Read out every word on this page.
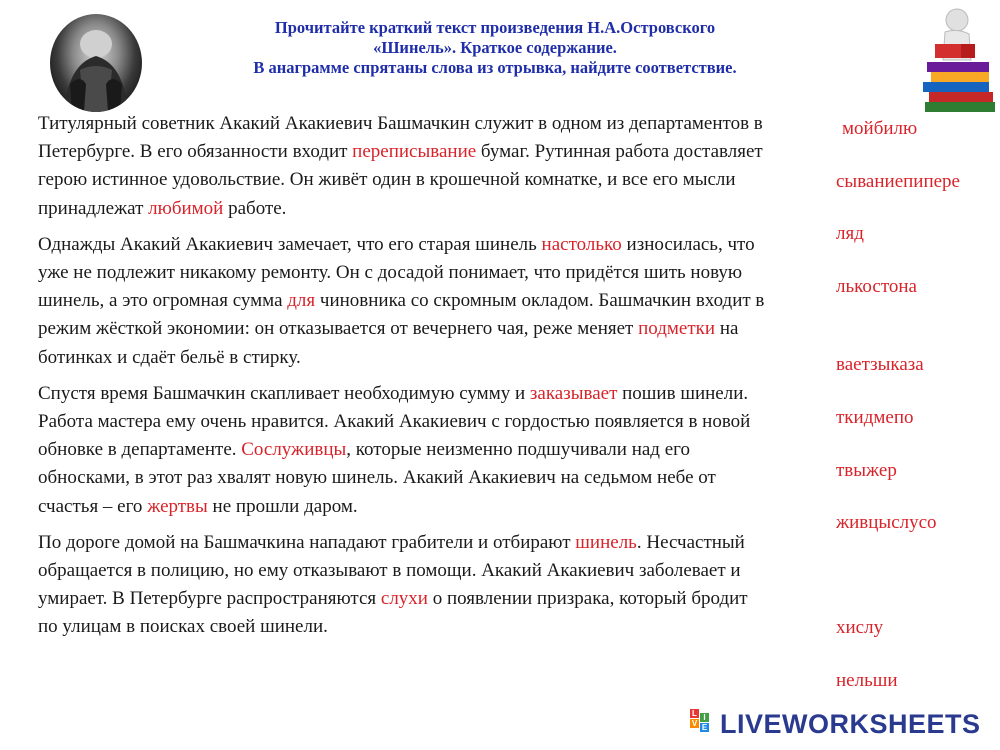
Прочитайте краткий текст произведения Н.А.Островского
«Шинель». Краткое содержание.
В анаграмме спрятаны слова из отрывка, найдите соответствие.

Титулярный советник Акакий Акакиевич Башмачкин служит в одном из департаментов в Петербурге. В его обязанности входит переписывание бумаг. Рутинная работа доставляет герою истинное удовольствие. Он живёт один в крошечной комнатке, и все его мысли принадлежат любимой работе.

Однажды Акакий Акакиевич замечает, что его старая шинель настолько износилась, что уже не подлежит никакому ремонту. Он с досадой понимает, что придётся шить новую шинель, а это огромная сумма для чиновника со скромным окладом. Башмачкин входит в режим жёсткой экономии: он отказывается от вечернего чая, реже меняет подметки на ботинках и сдаёт бельё в стирку.

Спустя время Башмачкин скапливает необходимую сумму и заказывает пошив шинели. Работа мастера ему очень нравится. Акакий Акакиевич с гордостью появляется в новой обновке в департаменте. Сослуживцы, которые неизменно подшучивали над его обносками, в этот раз хвалят новую шинель. Акакий Акакиевич на седьмом небе от счастья – его жертвы не прошли даром.

По дороге домой на Башмачкина нападают грабители и отбирают шинель. Несчастный обращается в полицию, но ему отказывают в помощи. Акакий Акакиевич заболевает и умирает. В Петербурге распространяются слухи о появлении призрака, который бродит по улицам в поисках своей шинели.

мойбилю
сываниепипере
ляд
лькостона
ваетзыказа
ткидмепо
твыжер
живцыслусо
хислу
нельши
L I
V E LIVEWORKSHEETS
